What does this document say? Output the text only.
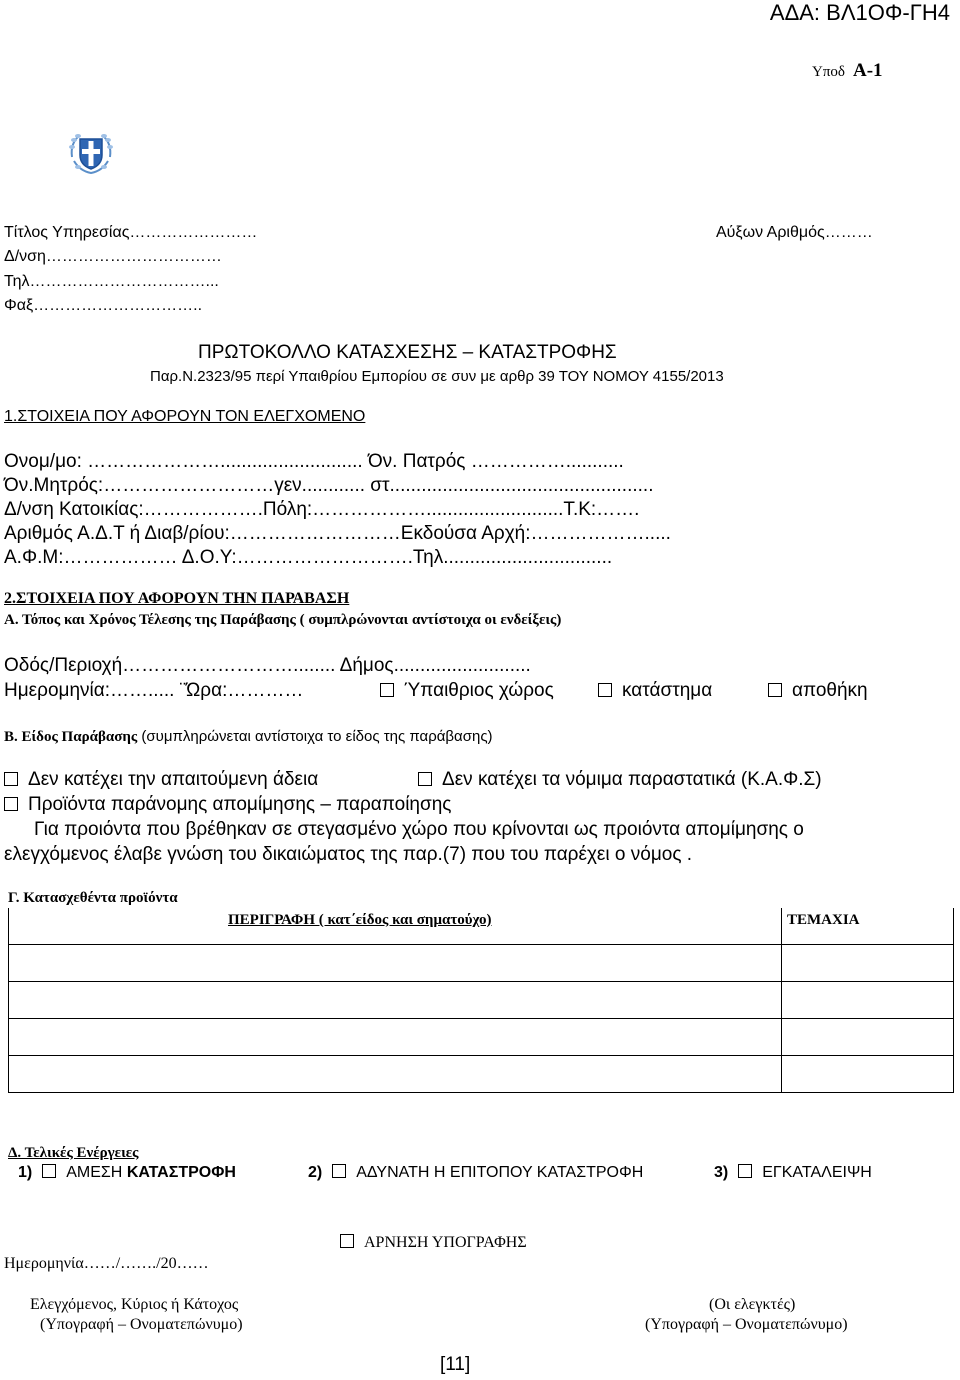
ΑΔΑ: ΒΛ1ΟΦ-ΓΗ4
Υποδ Α-1
Τίτλος Υπηρεσίας……………………	Αύξων Αριθμός………
Δ/νση……………………………
Τηλ……………………………...
Φαξ…………………………..
ΠΡΩΤΟΚΟΛΛΟ ΚΑΤΑΣΧΕΣΗΣ – ΚΑΤΑΣΤΡΟΦΗΣ
Παρ.Ν.2323/95 περί Υπαιθρίου Εμπορίου σε συν με αρθρ 39 ΤΟΥ ΝΟΜΟΥ 4155/2013
1.ΣΤΟΙΧΕΙΑ ΠΟΥ ΑΦΟΡΟΥΝ ΤΟΝ ΕΛΕΓΧΟΜΕΝΟ
Ονομ/μο: …………………........................... Όν. Πατρός ……………...........
Όν.Μητρός:………………………γεν............ στ..................................................
Δ/νση Κατοικίας:……………….Πόλη:………………..........................Τ.Κ:…….
Αριθμός Α.Δ.Τ ή Διαβ/ρίου:………………………Εκδούσα Αρχή:……………….....
Α.Φ.Μ:……………… Δ.Ο.Υ:……………………….Τηλ................................
2.ΣΤΟΙΧΕΙΑ ΠΟΥ ΑΦΟΡΟΥΝ ΤΗΝ ΠΑΡΑΒΑΣΗ
Α. Τόπος και Χρόνος Τέλεσης της Παράβασης ( συμπλρώνονται αντίστοιχα οι ενδείξεις)
Οδός/Περιοχή………………………........ Δήμος..........................
Ημερομηνία:……..... ¨Ώρα:…………	Ύπαιθριος χώρος	κατάστημα	αποθήκη
Β. Είδος Παράβασης (συμπληρώνεται αντίστοιχα το είδος της παράβασης)
Δεν κατέχει την απαιτούμενη άδεια	Δεν κατέχει τα νόμιμα παραστατικά (Κ.Α.Φ.Σ)
Προϊόντα παράνομης απομίμησης – παραποίησης
Για προιόντα που βρέθηκαν σε στεγασμένο χώρο που κρίνονται ως προιόντα απομίμησης ο
ελεγχόμενος έλαβε γνώση του δικαιώματος της παρ.(7) που του παρέχει ο νόμος .
Γ. Κατασχεθέντα προϊόντα
ΠΕΡΙΓΡΑΦΗ ( κατ΄είδος και σηματούχο)	ΤΕΜΑΧΙΑ

Δ. Τελικές Ενέργειες
1) ΑΜΕΣΗ ΚΑΤΑΣΤΡΟΦΗ	2) ΑΔΥΝΑΤΗ Η ΕΠΙΤΟΠΟΥ ΚΑΤΑΣΤΡΟΦΗ	3) ΕΓΚΑΤΑΛΕΙΨΗ
ΑΡΝΗΣΗ ΥΠΟΓΡΑΦΗΣ
Ημερομηνία……/……./20……
Ελεγχόμενος, Κύριος ή Κάτοχος
(Υπογραφή – Ονοματεπώνυμο)
(Οι ελεγκτές)
(Υπογραφή – Ονοματεπώνυμο)
[11]
